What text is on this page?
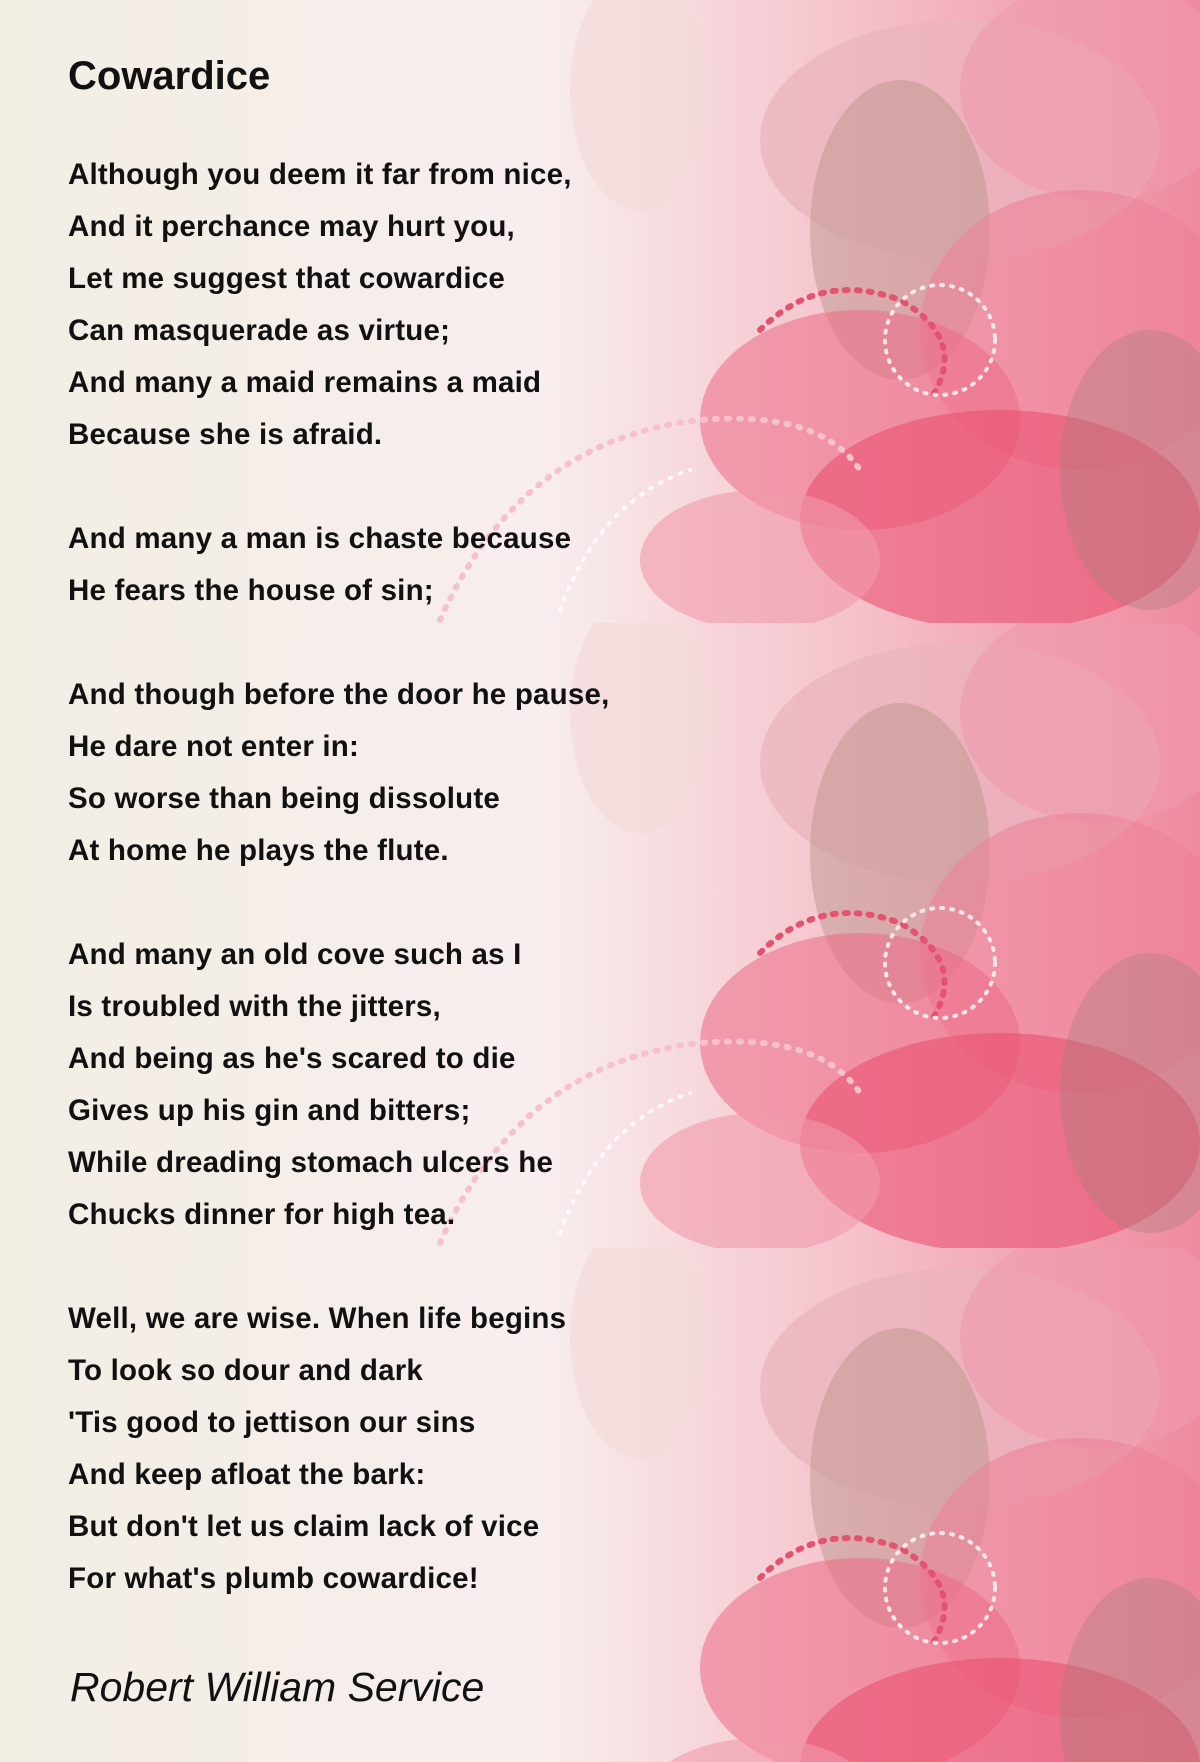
Cowardice
Although you deem it far from nice,
And it perchance may hurt you,
Let me suggest that cowardice
Can masquerade as virtue;
And many a maid remains a maid
Because she is afraid.
And many a man is chaste because
He fears the house of sin;
And though before the door he pause,
He dare not enter in:
So worse than being dissolute
At home he plays the flute.
And many an old cove such as I
Is troubled with the jitters,
And being as he's scared to die
Gives up his gin and bitters;
While dreading stomach ulcers he
Chucks dinner for high tea.
Well, we are wise. When life begins
To look so dour and dark
'Tis good to jettison our sins
And keep afloat the bark:
But don't let us claim lack of vice
For what's plumb cowardice!
Robert William Service
